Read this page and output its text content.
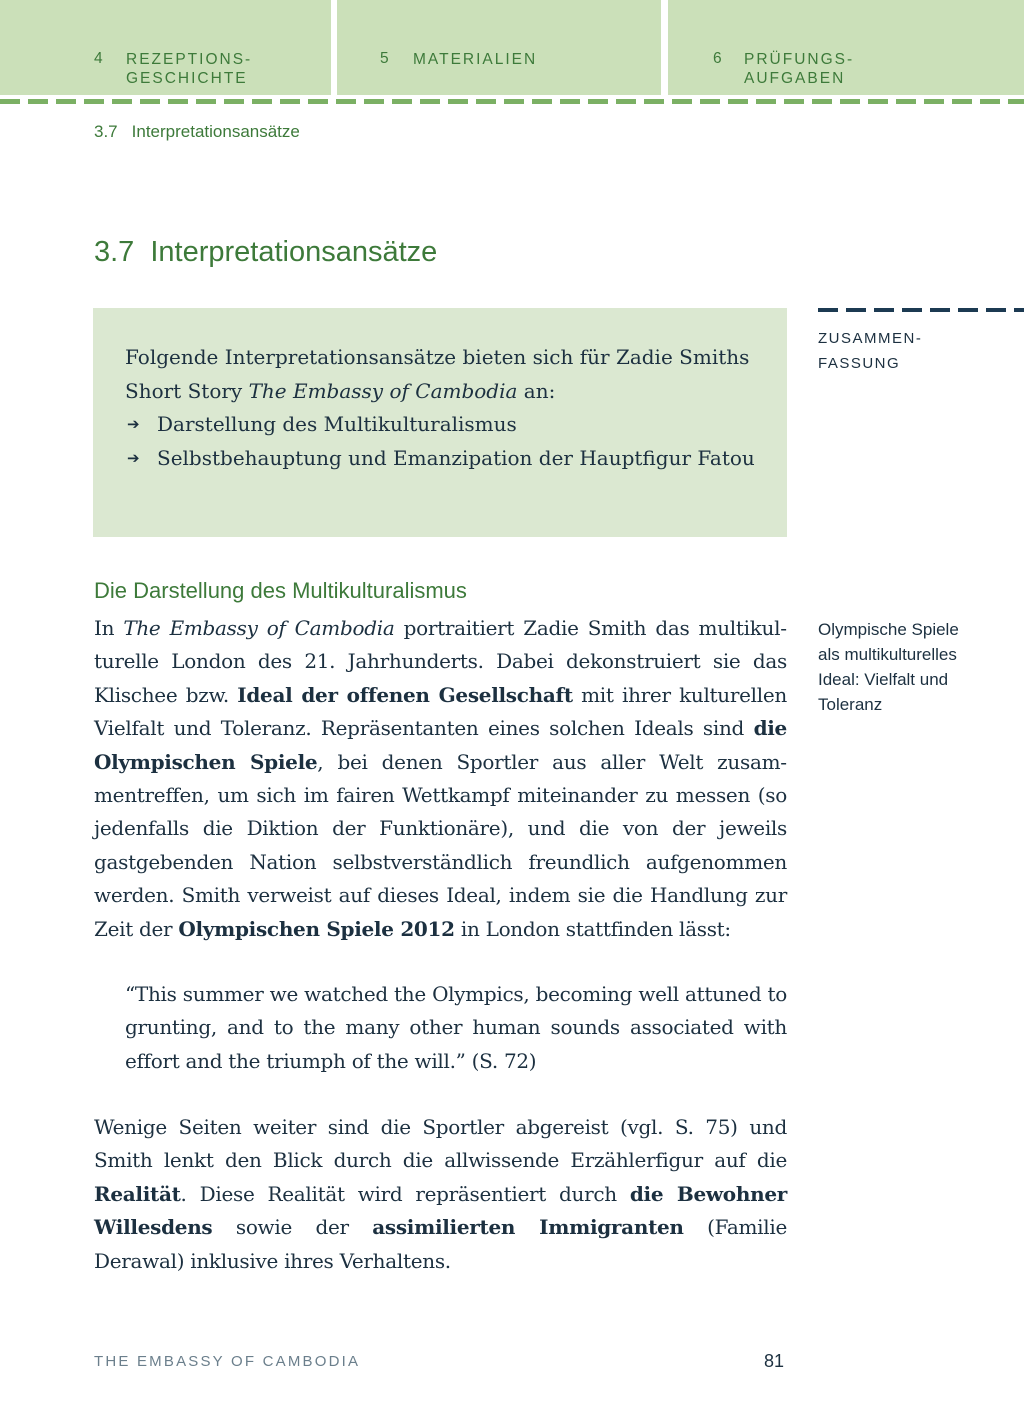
4 REZEPTIONS-
GESCHICHTE
5 MATERIALIEN	6 PRÜFUNGS-
AUFGABEN
3.7 Interpretationsansätze
3.7 Interpretationsansätze

Folgende Interpretationsansätze bieten sich für Zadie Smiths Short Story The Embassy of Cambodia an:

➔ Darstellung des Multikulturalismus
➔ Selbstbehauptung und Emanzipation der Hauptfigur Fatou
ZUSAMMEN-
FASSUNG
Olympische Spiele als multikulturelles Ideal: Vielfalt und Toleranz
Die Darstellung des Multikulturalismus

In The Embassy of Cambodia portraitiert Zadie Smith das multikulturelle London des 21. Jahrhunderts. Dabei dekonstruiert sie das Klischee bzw. Ideal der offenen Gesellschaft mit ihrer kulturellen Vielfalt und Toleranz. Repräsentanten eines solchen Ideals sind die Olympischen Spiele, bei denen Sportler aus aller Welt zusammentreffen, um sich im fairen Wettkampf miteinander zu messen (so jedenfalls die Diktion der Funktionäre), und die von der jeweils gastgebenden Nation selbstverständlich freundlich aufgenommen werden. Smith verweist auf dieses Ideal, indem sie die Handlung zur Zeit der Olympischen Spiele 2012 in London stattfinden lässt:

“This summer we watched the Olympics, becoming well attuned to grunting, and to the many other human sounds associated with effort and the triumph of the will.” (S. 72)

Wenige Seiten weiter sind die Sportler abgereist (vgl. S. 75) und Smith lenkt den Blick durch die allwissende Erzählerfigur auf die Realität. Diese Realität wird repräsentiert durch die Bewohner Willesdens sowie der assimilierten Immigranten (Familie Derawal) inklusive ihres Verhaltens.

THE EMBASSY OF CAMBODIA	81
